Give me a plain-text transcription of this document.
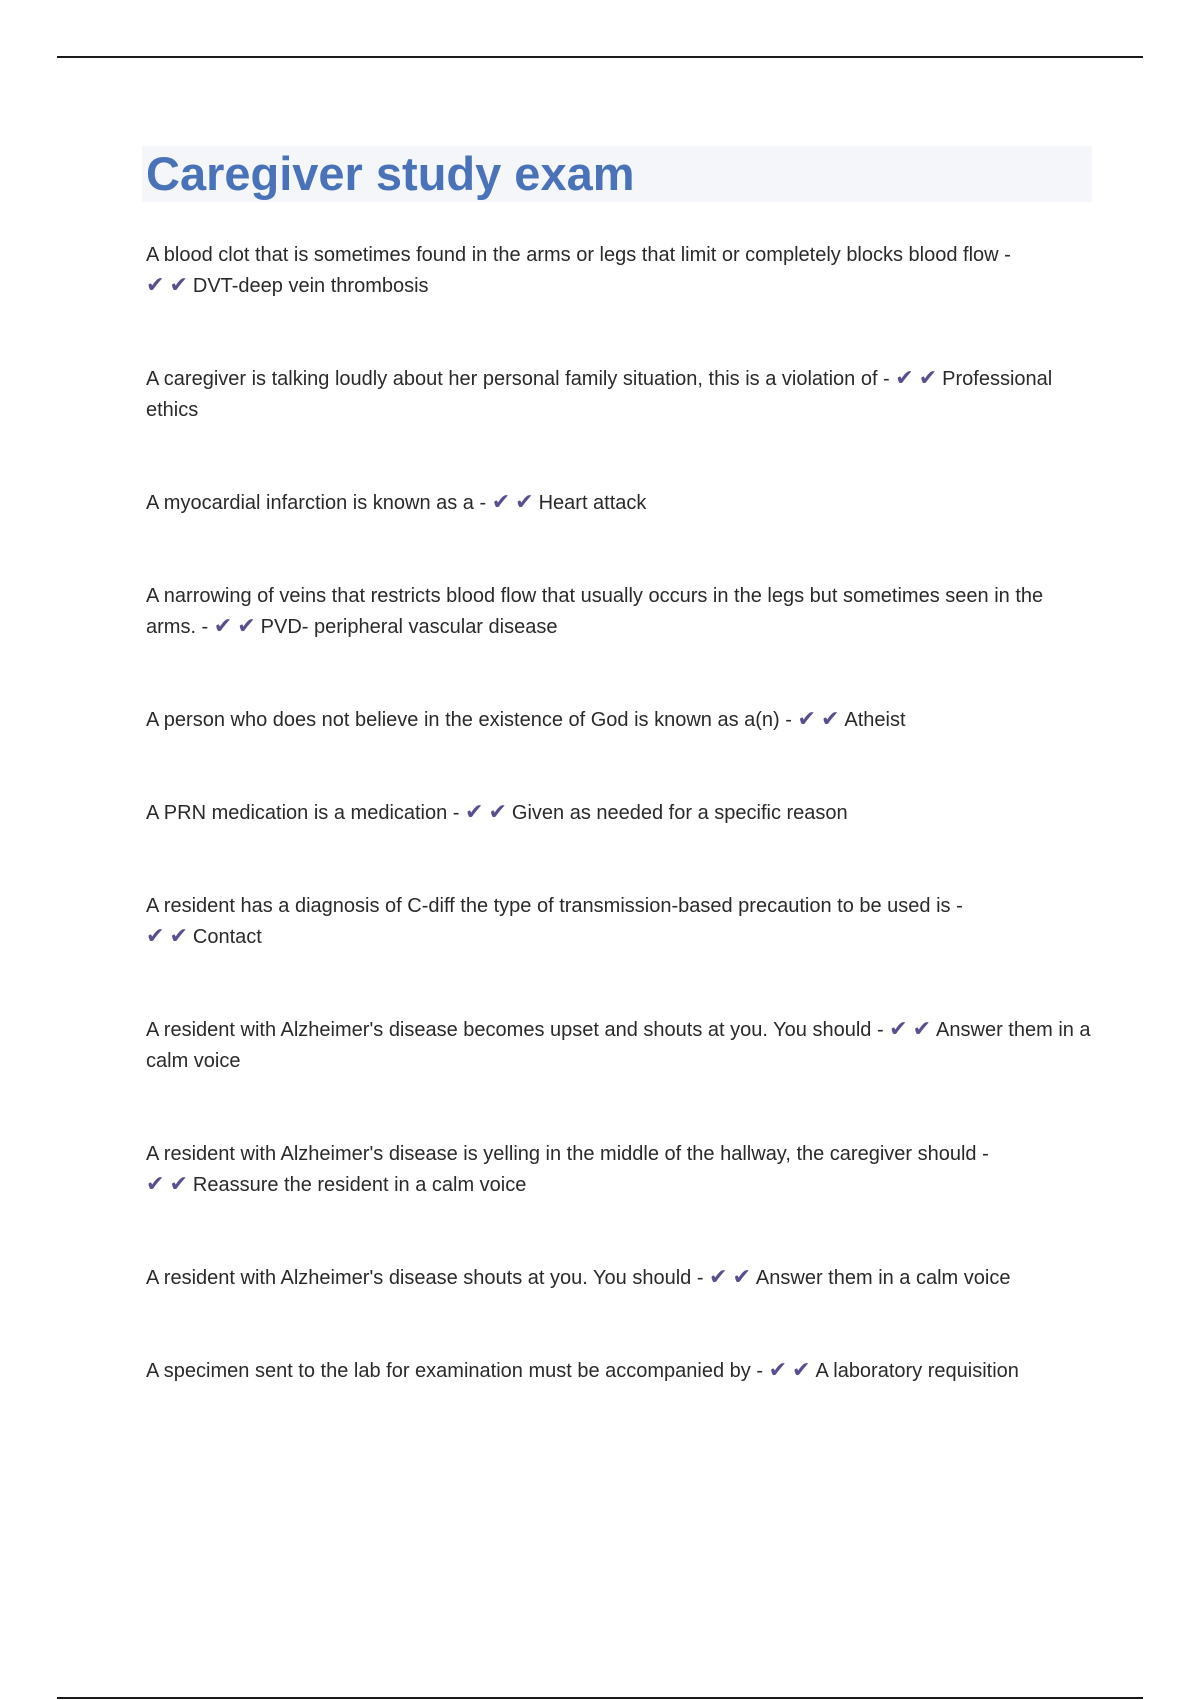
Caregiver study exam
A blood clot that is sometimes found in the arms or legs that limit or completely blocks blood flow -
✔ ✔ DVT-deep vein thrombosis
A caregiver is talking loudly about her personal family situation, this is a violation of - ✔ ✔ Professional ethics
A myocardial infarction is known as a - ✔ ✔ Heart attack
A narrowing of veins that restricts blood flow that usually occurs in the legs but sometimes seen in the arms. - ✔ ✔ PVD- peripheral vascular disease
A person who does not believe in the existence of God is known as a(n) - ✔ ✔ Atheist
A PRN medication is a medication - ✔ ✔ Given as needed for a specific reason
A resident has a diagnosis of C-diff the type of transmission-based precaution to be used is -
✔ ✔ Contact
A resident with Alzheimer's disease becomes upset and shouts at you. You should - ✔ ✔ Answer them in a calm voice
A resident with Alzheimer's disease is yelling in the middle of the hallway, the caregiver should -
✔ ✔ Reassure the resident in a calm voice
A resident with Alzheimer's disease shouts at you. You should - ✔ ✔ Answer them in a calm voice
A specimen sent to the lab for examination must be accompanied by - ✔ ✔ A laboratory requisition
